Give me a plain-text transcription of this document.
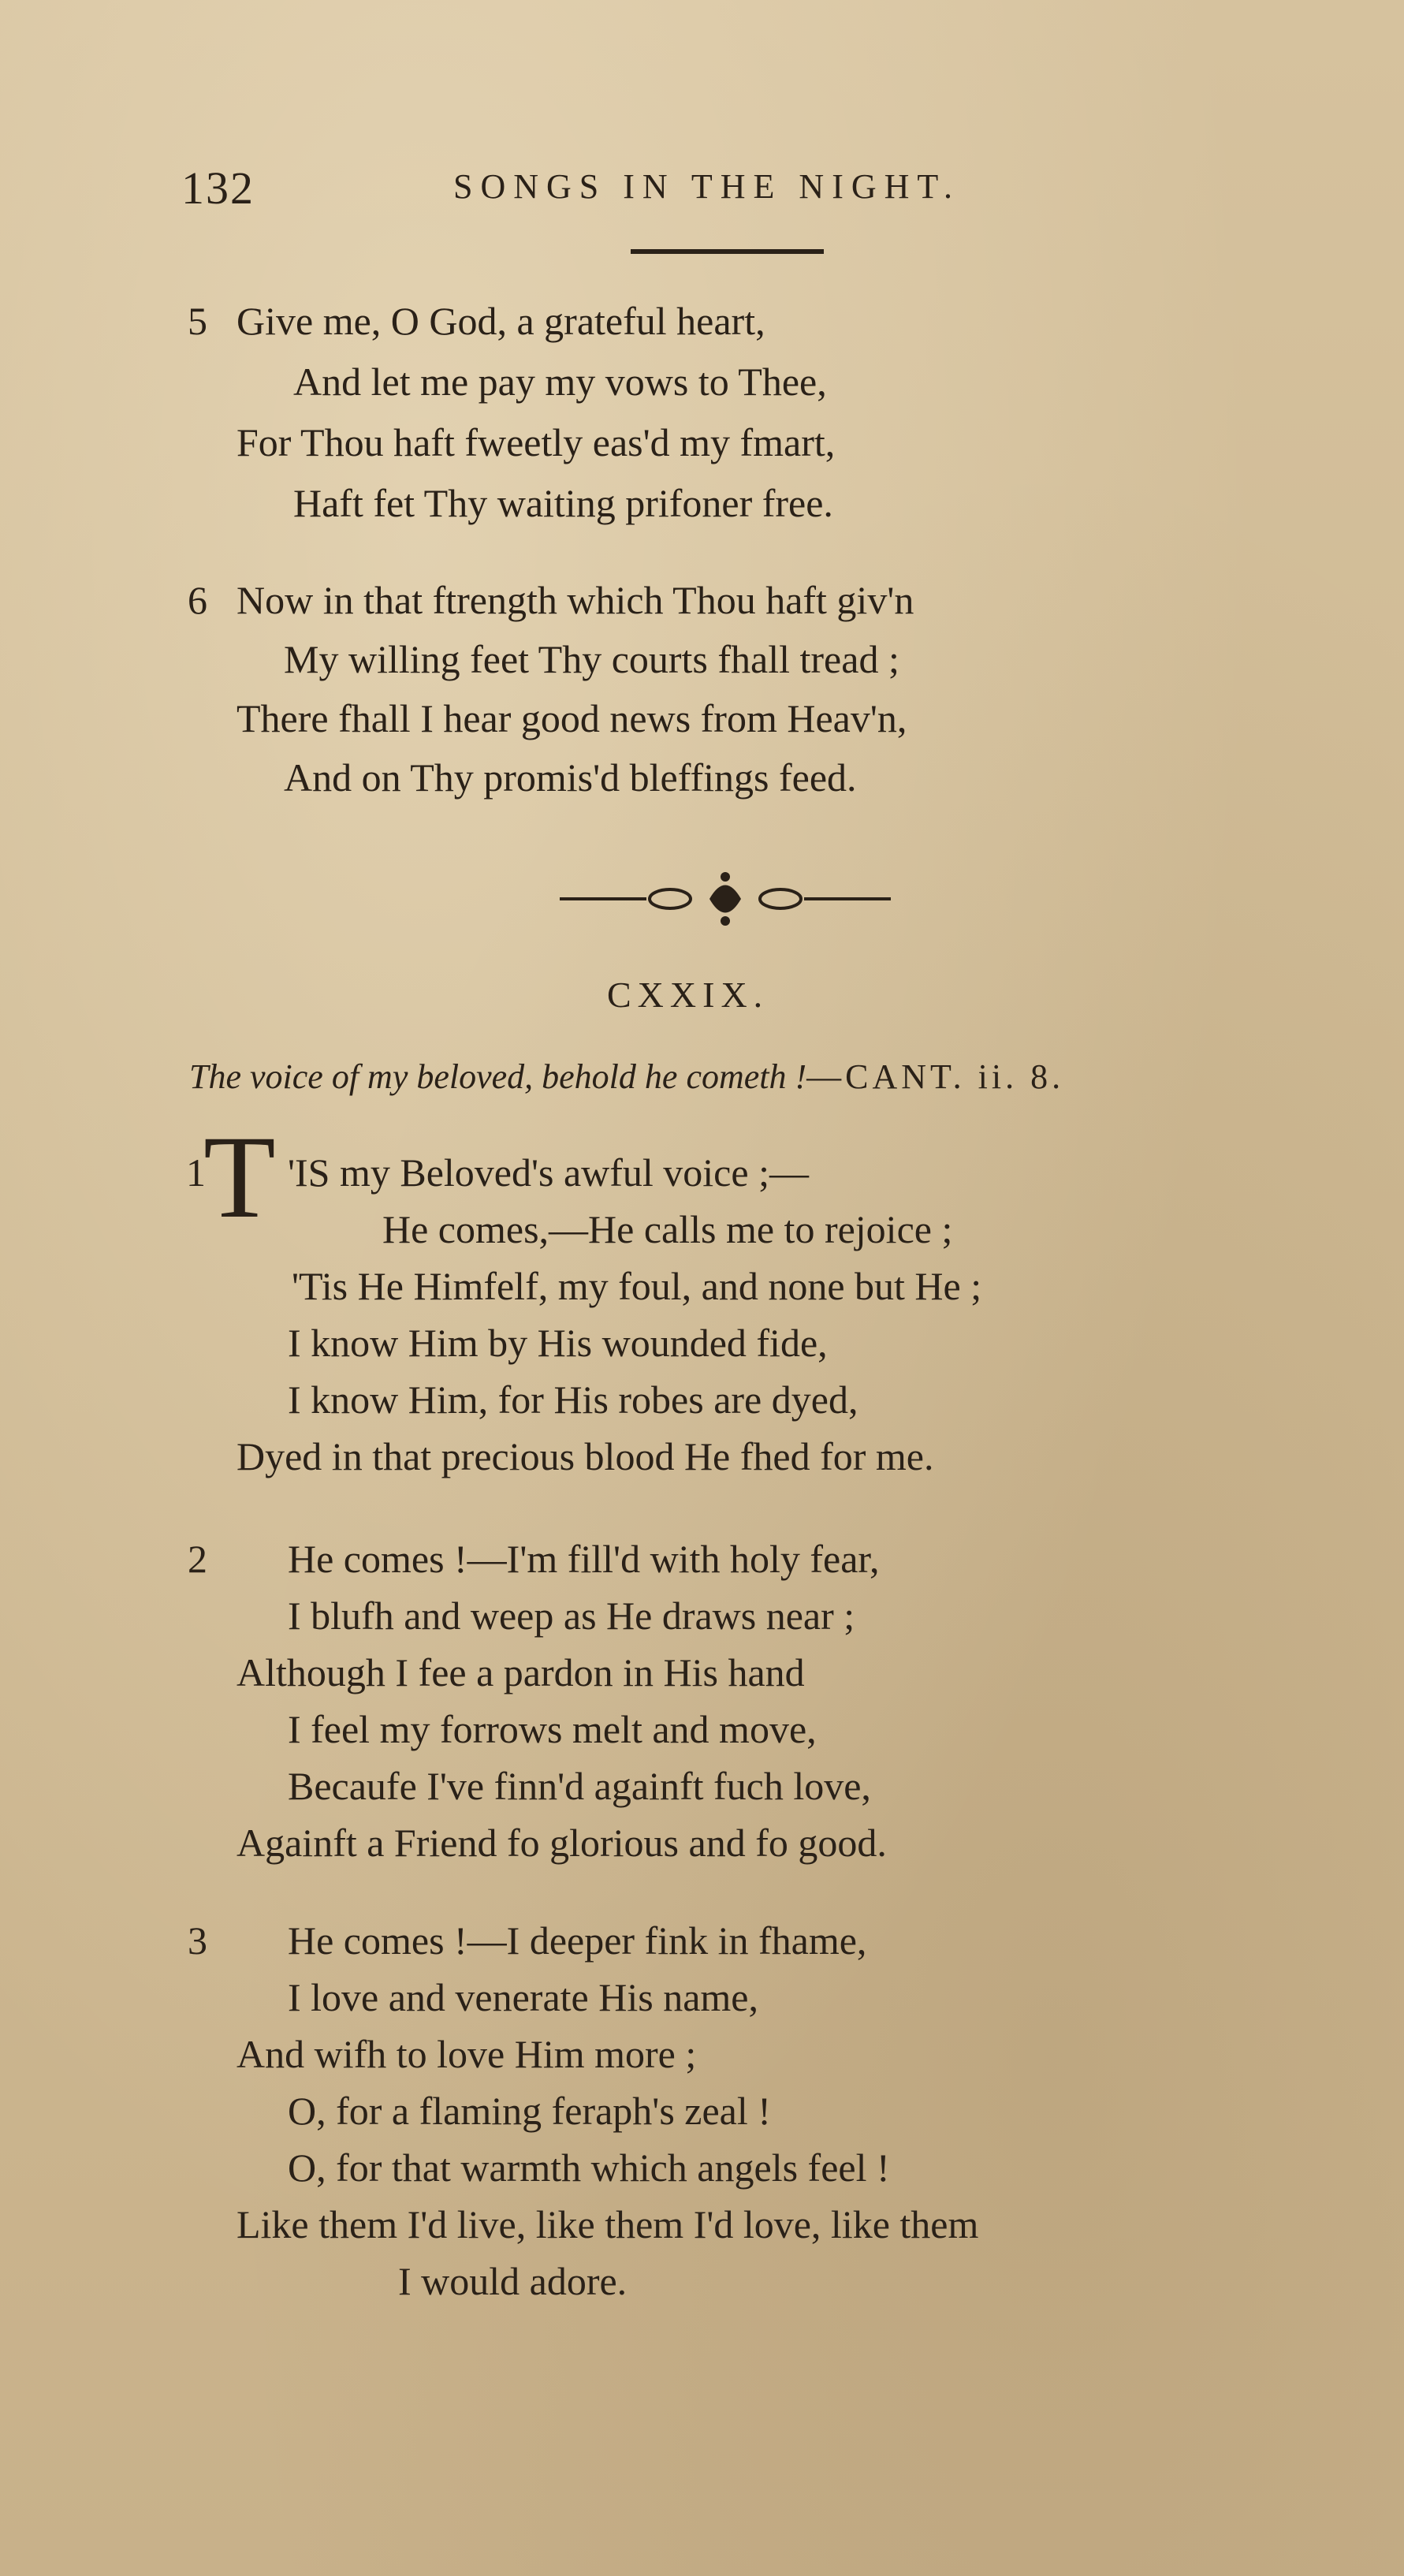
132	SONGS IN THE NIGHT.
5 Give me, O God, a grateful heart,
And let me pay my vows to Thee,
For Thou haft fweetly eas'd my fmart,
Haft fet Thy waiting prifoner free.
6 Now in that ftrength which Thou haft giv'n
My willing feet Thy courts fhall tread ;
There fhall I hear good news from Heav'n,
And on Thy promis'd bleffings feed.
CXXIX.
The voice of my beloved, behold he cometh !—CANT. ii. 8.
1
T 'IS my Beloved's awful voice ;—
He comes,—He calls me to rejoice ;
'Tis He Himfelf, my foul, and none but He ;
I know Him by His wounded fide,
I know Him, for His robes are dyed,
Dyed in that precious blood He fhed for me.
2 He comes !—I'm fill'd with holy fear,
I blufh and weep as He draws near ;
Although I fee a pardon in His hand
I feel my forrows melt and move,
Becaufe I've finn'd againft fuch love,
Againft a Friend fo glorious and fo good.
3 He comes !—I deeper fink in fhame,
I love and venerate His name,
And wifh to love Him more ;
O, for a flaming feraph's zeal !
O, for that warmth which angels feel !
Like them I'd live, like them I'd love, like them
I would adore.
